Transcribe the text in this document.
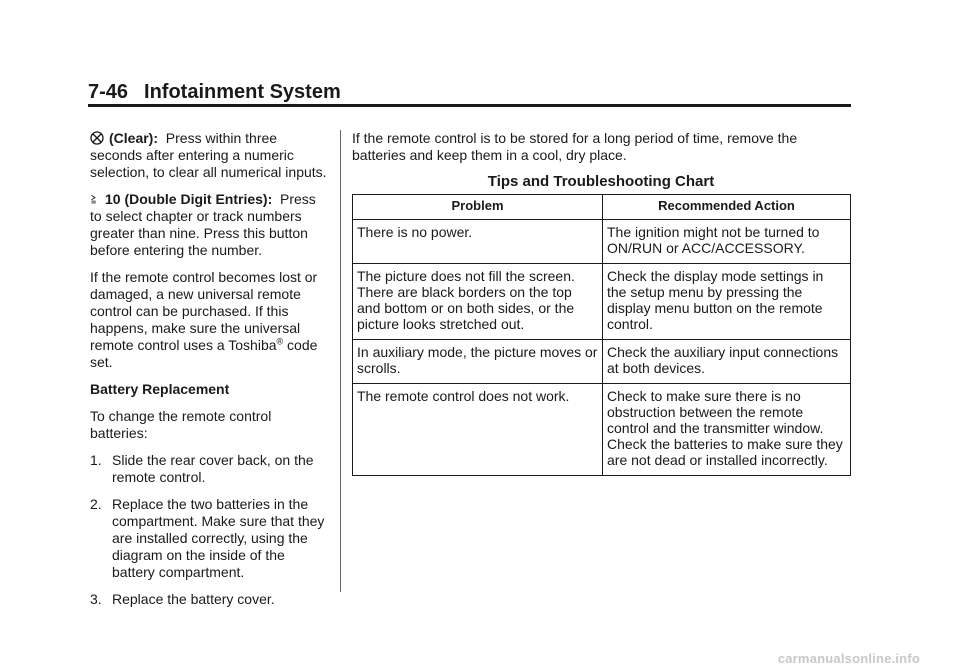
7-46 Infotainment System

(Clear): Press within three seconds after entering a numeric selection, to clear all numerical inputs.

10 (Double Digit Entries): Press to select chapter or track numbers greater than nine. Press this button before entering the number.

If the remote control becomes lost or damaged, a new universal remote control can be purchased. If this happens, make sure the universal remote control uses a Toshiba® code set.

Battery Replacement

To change the remote control batteries:

1. Slide the rear cover back, on the remote control.
2. Replace the two batteries in the compartment. Make sure that they are installed correctly, using the diagram on the inside of the battery compartment.
3. Replace the battery cover.

If the remote control is to be stored for a long period of time, remove the batteries and keep them in a cool, dry place.

Tips and Troubleshooting Chart
Problem	Recommended Action
There is no power.	The ignition might not be turned to ON/RUN or ACC/ACCESSORY.
The picture does not fill the screen. There are black borders on the top and bottom or on both sides, or the picture looks stretched out.	Check the display mode settings in the setup menu by pressing the display menu button on the remote control.
In auxiliary mode, the picture moves or scrolls.	Check the auxiliary input connections at both devices.
The remote control does not work.	Check to make sure there is no obstruction between the remote control and the transmitter window. Check the batteries to make sure they are not dead or installed incorrectly.
carmanualsonline.info
